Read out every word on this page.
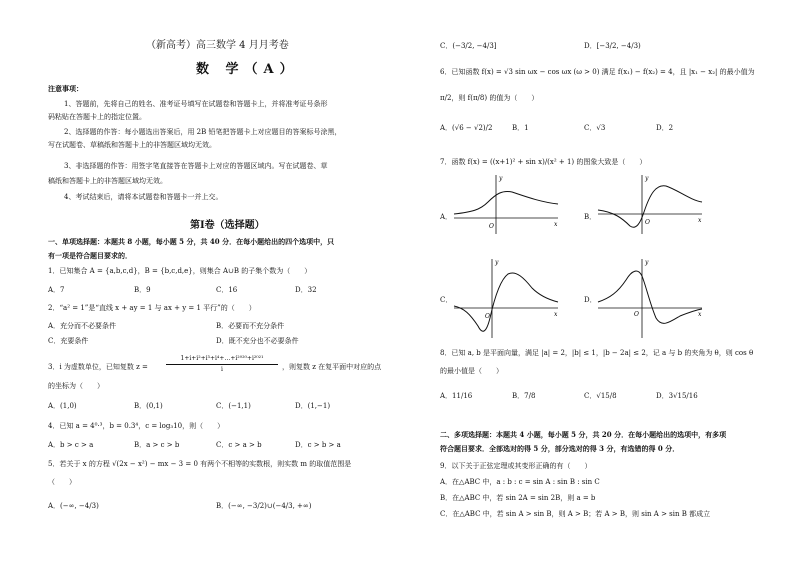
（新高考）高三数学 4 月月考卷
数 学（A）
注意事项：
1、答题前，先将自己的姓名、准考证号填写在试题卷和答题卡上，并将准考证号条形
码粘贴在答题卡上的指定位置。
2、选择题的作答：每小题选出答案后，用 2B 铅笔把答题卡上对应题目的答案标号涂黑，
写在试题卷、草稿纸和答题卡上的非答题区域均无效。
3、非选择题的作答：用签字笔直接答在答题卡上对应的答题区域内。写在试题卷、草
稿纸和答题卡上的非答题区域均无效。
4、考试结束后，请将本试题卷和答题卡一并上交。
第Ⅰ卷（选择题）
一、单项选择题：本题共 8 小题，每小题 5 分，共 40 分．在每小题给出的四个选项中，只
有一项是符合题目要求的．
1．已知集合 A = {a,b,c,d}，B = {b,c,d,e}，则集合 A∪B 的子集个数为（　　）
A．7	B．9	C．16	D．32
2．“a² = 1”是“直线 x + ay = 1 与 ax + y = 1 平行”的（　　）
A．充分而不必要条件	B．必要而不充分条件
C．充要条件	D．既不充分也不必要条件
3．i 为虚数单位，已知复数 z =
1+i+i²+i³+i⁴+…+i²⁰²⁰+i²⁰²¹
i	，则复数 z 在复平面中对应的点
的坐标为（　　）
A．(1,0)	B．(0,1)	C．(−1,1)	D．(1,−1)
4．已知 a = 4⁰·³，b = 0.3⁴，c = log₃10，则（　　）
A．b > c > a	B．a > c > b	C．c > a > b	D．c > b > a
5．若关于 x 的方程 √(2x − x²) − mx − 3 = 0 有两个不相等的实数根，则实数 m 的取值范围是
（　　）
A．(−∞, −4/3)	B．(−∞, −3/2)∪(−4/3, +∞)
C．(−3/2, −4/3]	D．[−3/2, −4/3)
6．已知函数 f(x) = √3 sin ωx − cos ωx (ω > 0) 满足 f(x₁) − f(x₂) = 4，且 |x₁ − x₂| 的最小值为
π/2，则 f(π/8) 的值为（　　）
A．(√6 − √2)/2	B．1	C．√3	D．2
7．函数 f(x) = ((x+1)² + sin x)/(x² + 1) 的图象大致是（　　）
A．
y
x
O
B．
y
x
O
C．
y
x
O
D．
y
x
O
8．已知 a, b 是平面向量，满足 |a| = 2，|b| ≤ 1，|b − 2a| ≤ 2，记 a 与 b 的夹角为 θ，则 cos θ
的最小值是（　　）
A．11/16	B．7/8	C．√15/8	D．3√15/16
二、多项选择题：本题共 4 小题，每小题 5 分，共 20 分．在每小题给出的选项中，有多项
符合题目要求．全部选对的得 5 分，部分选对的得 3 分，有选错的得 0 分．
9．以下关于正弦定理或其变形正确的有（　　）
A．在△ABC 中，a : b : c = sin A : sin B : sin C
B．在△ABC 中，若 sin 2A = sin 2B，则 a = b
C．在△ABC 中，若 sin A > sin B，则 A > B；若 A > B，则 sin A > sin B 都成立
